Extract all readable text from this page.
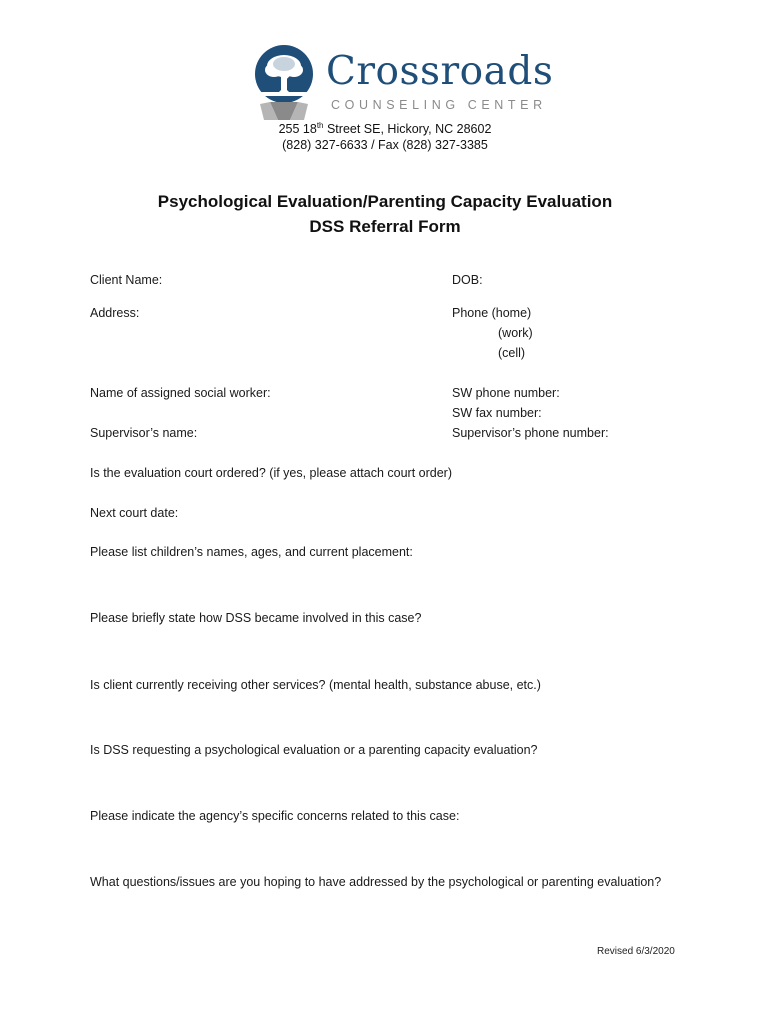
Crossroads
COUNSELING CENTER
255 18th Street SE, Hickory, NC 28602
(828) 327-6633 / Fax (828) 327-3385
Psychological Evaluation/Parenting Capacity Evaluation
DSS Referral Form
Client Name:	DOB:
Address:	Phone (home)
(work)
(cell)
Name of assigned social worker:	SW phone number:
SW fax number:
Supervisor’s name:	Supervisor’s phone number:
Is the evaluation court ordered? (if yes, please attach court order)
Next court date:
Please list children’s names, ages, and current placement:
Please briefly state how DSS became involved in this case?
Is client currently receiving other services? (mental health, substance abuse, etc.)
Is DSS requesting a psychological evaluation or a parenting capacity evaluation?
Please indicate the agency’s specific concerns related to this case:
What questions/issues are you hoping to have addressed by the psychological or parenting evaluation?
Revised 6/3/2020
